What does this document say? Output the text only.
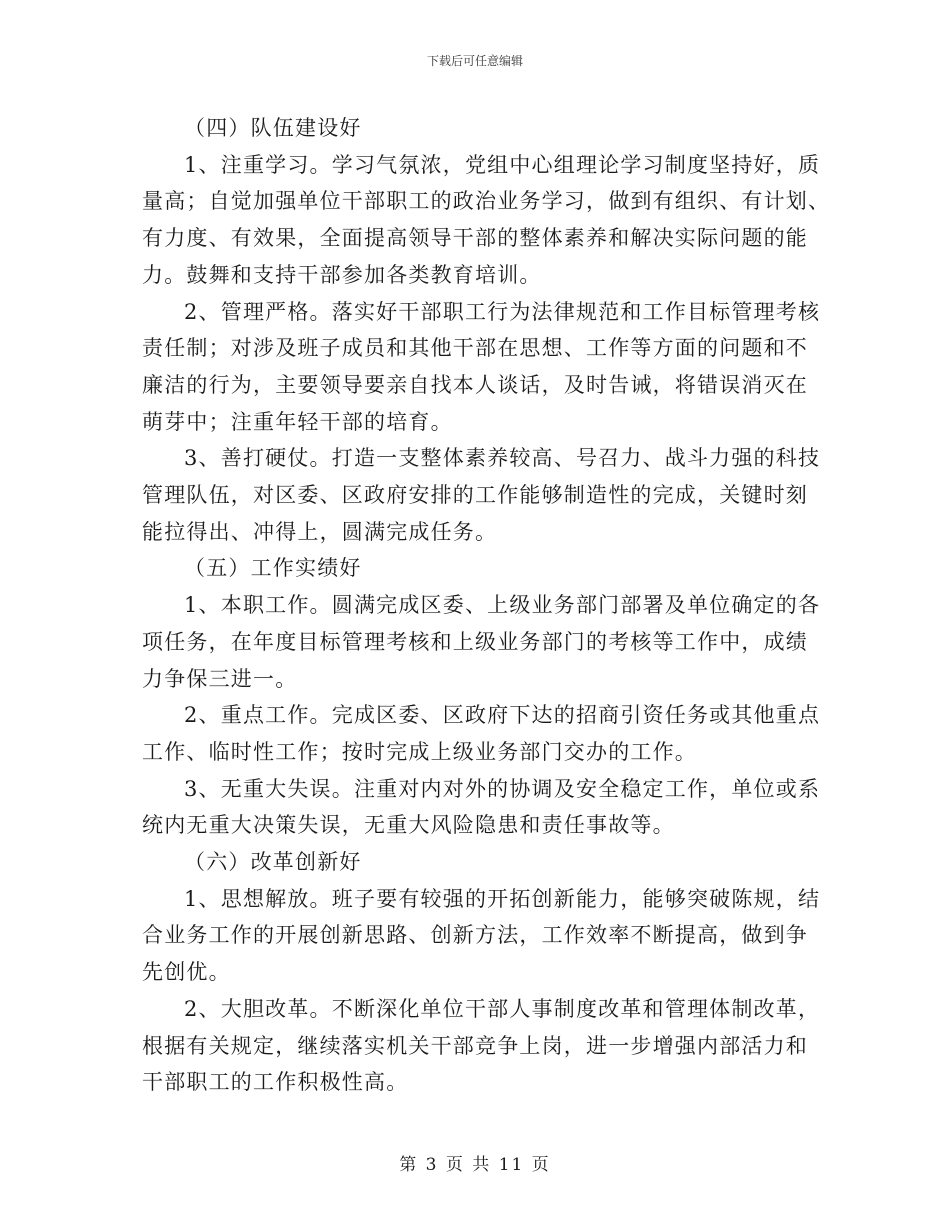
下载后可任意编辑
（四）队伍建设好
1、注重学习。学习气氛浓，党组中心组理论学习制度坚持好，质
量高；自觉加强单位干部职工的政治业务学习，做到有组织、有计划、
有力度、有效果，全面提高领导干部的整体素养和解决实际问题的能
力。鼓舞和支持干部参加各类教育培训。
2、管理严格。落实好干部职工行为法律规范和工作目标管理考核
责任制；对涉及班子成员和其他干部在思想、工作等方面的问题和不
廉洁的行为，主要领导要亲自找本人谈话，及时告诫，将错误消灭在
萌芽中；注重年轻干部的培育。
3、善打硬仗。打造一支整体素养较高、号召力、战斗力强的科技
管理队伍，对区委、区政府安排的工作能够制造性的完成，关键时刻
能拉得出、冲得上，圆满完成任务。
（五）工作实绩好
1、本职工作。圆满完成区委、上级业务部门部署及单位确定的各
项任务，在年度目标管理考核和上级业务部门的考核等工作中，成绩
力争保三进一。
2、重点工作。完成区委、区政府下达的招商引资任务或其他重点
工作、临时性工作；按时完成上级业务部门交办的工作。
3、无重大失误。注重对内对外的协调及安全稳定工作，单位或系
统内无重大决策失误，无重大风险隐患和责任事故等。
（六）改革创新好
1、思想解放。班子要有较强的开拓创新能力，能够突破陈规，结
合业务工作的开展创新思路、创新方法，工作效率不断提高，做到争
先创优。
2、大胆改革。不断深化单位干部人事制度改革和管理体制改革，
根据有关规定，继续落实机关干部竞争上岗，进一步增强内部活力和
干部职工的工作积极性高。
第 3 页 共 11 页
